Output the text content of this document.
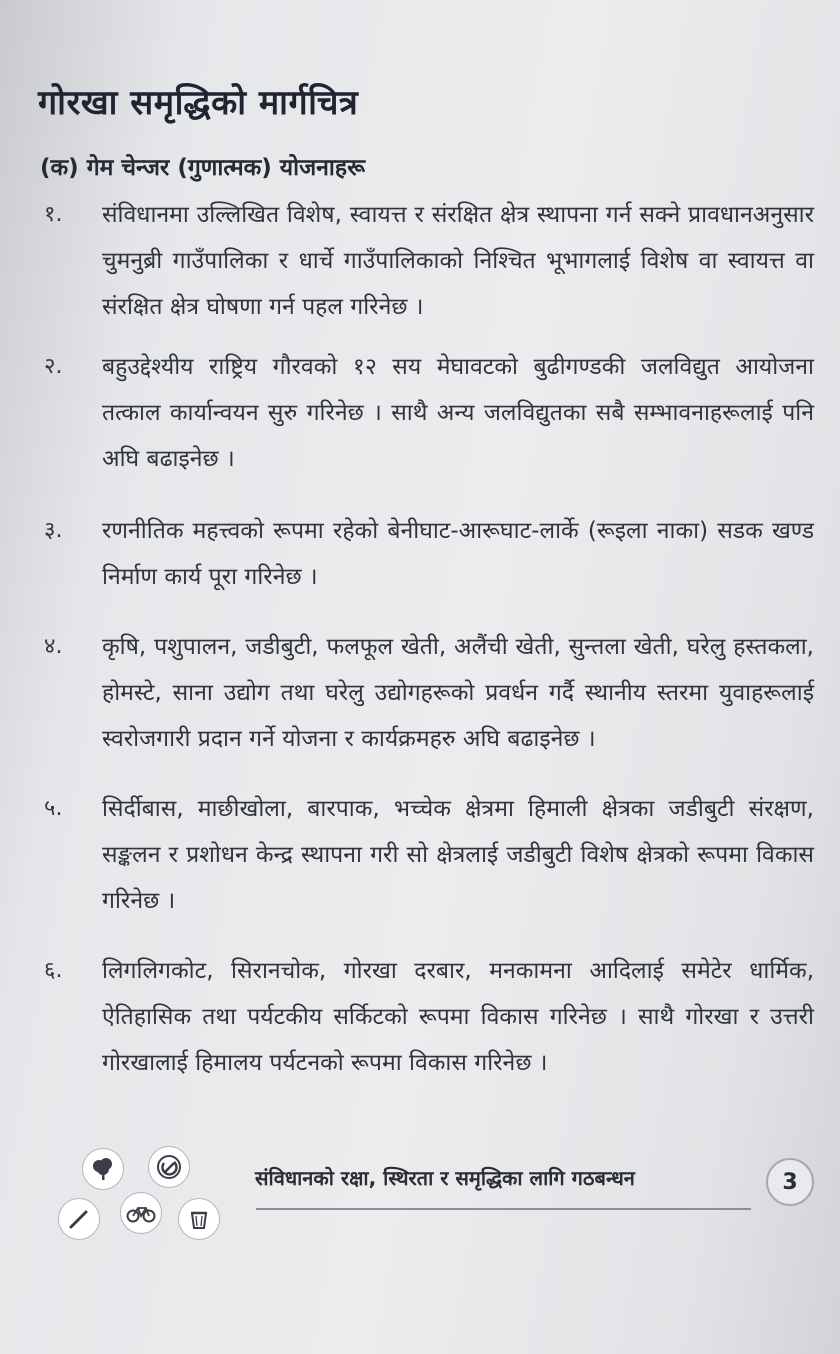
गोरखा समृद्धिको मार्गचित्र
(क) गेम चेन्जर (गुणात्मक) योजनाहरू
१.	संविधानमा उल्लिखित विशेष, स्वायत्त र संरक्षित क्षेत्र स्थापना गर्न सक्ने प्रावधानअनुसार चुमनुब्री गाउँपालिका र धार्चे गाउँपालिकाको निश्चित भूभागलाई विशेष वा स्वायत्त वा संरक्षित क्षेत्र घोषणा गर्न पहल गरिनेछ ।
२.	बहुउद्देश्यीय राष्ट्रिय गौरवको १२ सय मेघावटको बुढीगण्डकी जलविद्युत आयोजना तत्काल कार्यान्वयन सुरु गरिनेछ । साथै अन्य जलविद्युतका सबै सम्भावनाहरूलाई पनि अघि बढाइनेछ ।
३.	रणनीतिक महत्त्वको रूपमा रहेको बेनीघाट-आरूघाट-लार्के (रूइला नाका) सडक खण्ड निर्माण कार्य पूरा गरिनेछ ।
४.	कृषि, पशुपालन, जडीबुटी, फलफूल खेती, अलैंची खेती, सुन्तला खेती, घरेलु हस्तकला, होमस्टे, साना उद्योग तथा घरेलु उद्योगहरूको प्रवर्धन गर्दै स्थानीय स्तरमा युवाहरूलाई स्वरोजगारी प्रदान गर्ने योजना र कार्यक्रमहरु अघि बढाइनेछ ।
५.	सिर्दीबास, माछीखोला, बारपाक, भच्चेक क्षेत्रमा हिमाली क्षेत्रका जडीबुटी संरक्षण, सङ्कलन र प्रशोधन केन्द्र स्थापना गरी सो क्षेत्रलाई जडीबुटी विशेष क्षेत्रको रूपमा विकास गरिनेछ ।
६.	लिगलिगकोट, सिरानचोक, गोरखा दरबार, मनकामना आदिलाई समेटेर धार्मिक, ऐतिहासिक तथा पर्यटकीय सर्किटको रूपमा विकास गरिनेछ । साथै गोरखा र उत्तरी गोरखालाई हिमालय पर्यटनको रूपमा विकास गरिनेछ ।
संविधानको रक्षा, स्थिरता र समृद्धिका लागि गठबन्धन	3
